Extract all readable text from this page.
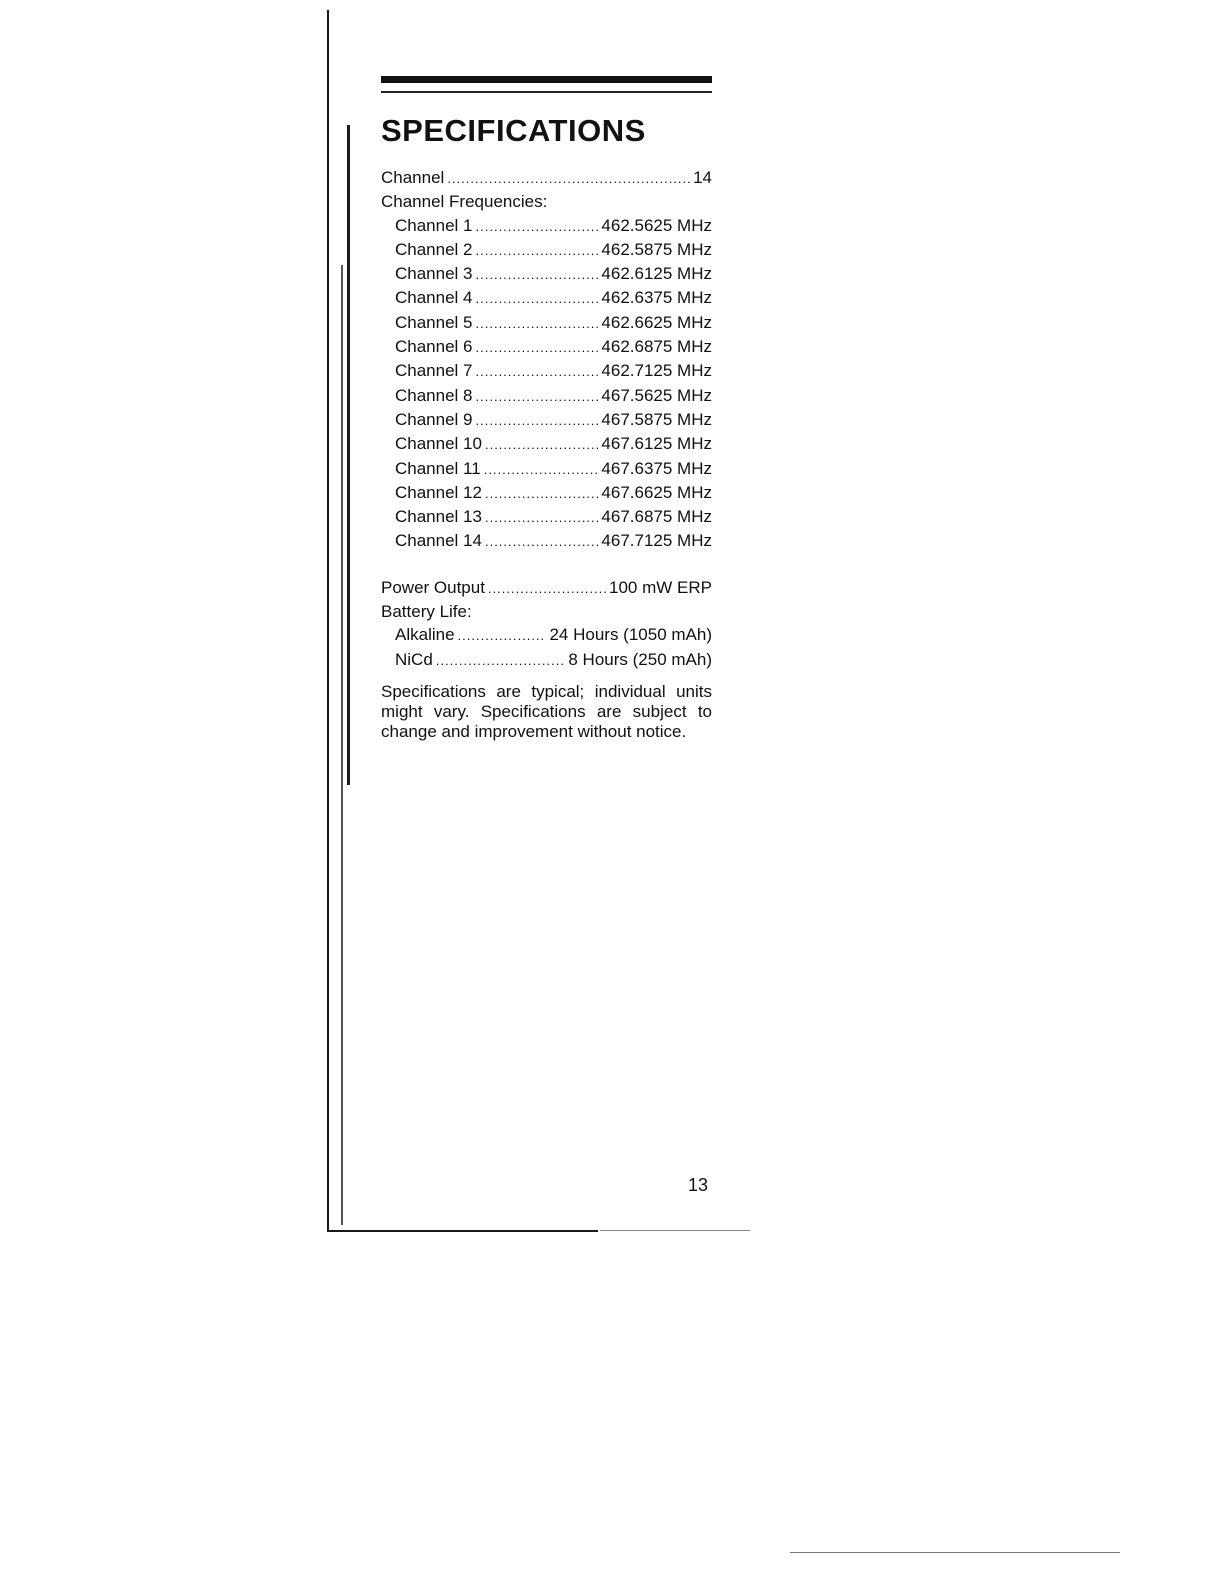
SPECIFICATIONS
Channel .....	14
Channel Frequencies:
Channel 1 .....	462.5625 MHz
Channel 2 .....	462.5875 MHz
Channel 3 .....	462.6125 MHz
Channel 4 .....	462.6375 MHz
Channel 5 .....	462.6625 MHz
Channel 6 .....	462.6875 MHz
Channel 7 .....	462.7125 MHz
Channel 8 .....	467.5625 MHz
Channel 9 .....	467.5875 MHz
Channel 10 .....	467.6125 MHz
Channel 11 .....	467.6375 MHz
Channel 12 .....	467.6625 MHz
Channel 13 .....	467.6875 MHz
Channel 14 .....	467.7125 MHz
Power Output .....	100 mW ERP
Battery Life:
Alkaline .....	24 Hours (1050 mAh)
NiCd .....	8 Hours (250 mAh)
Specifications are typical; individual units might vary. Specifications are subject to change and improvement without notice.
13
